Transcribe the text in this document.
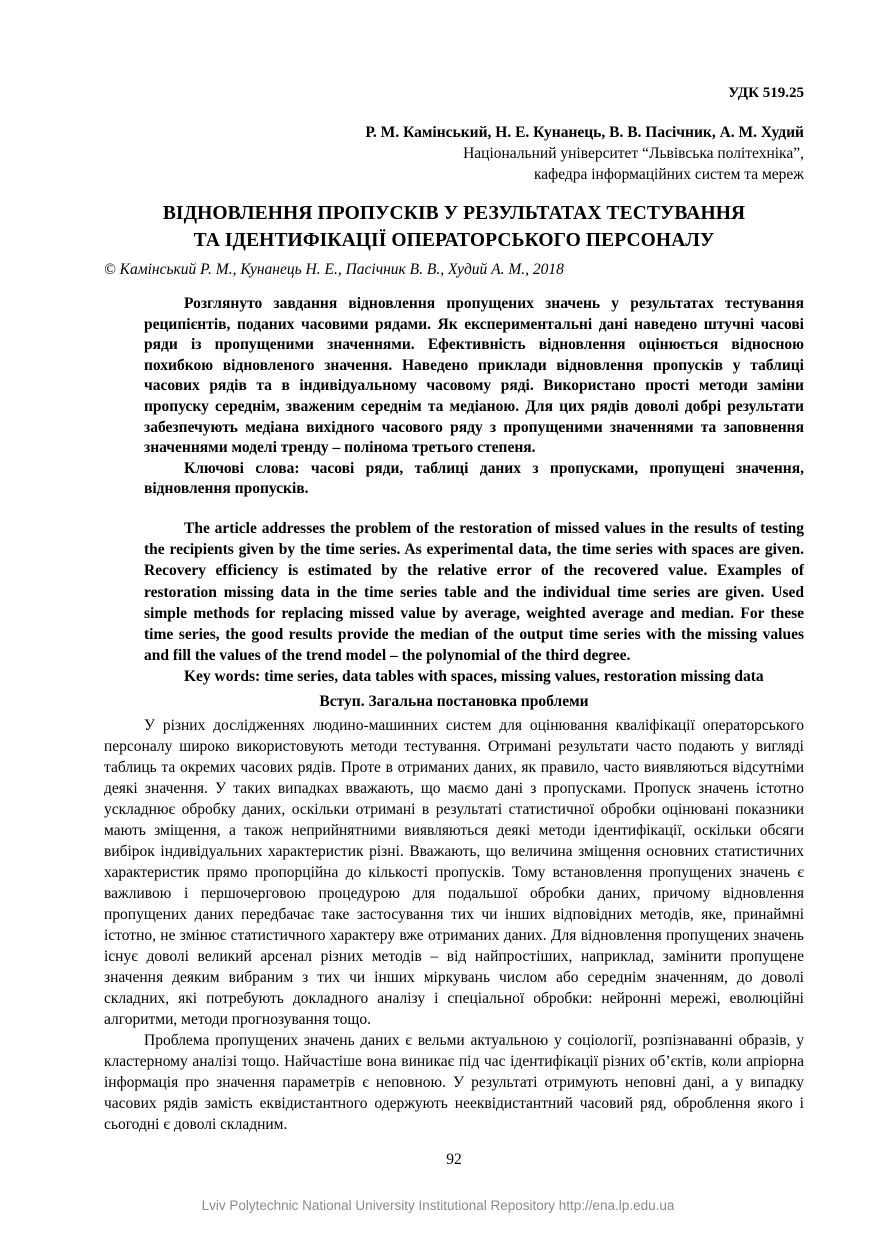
УДК 519.25
Р. М. Камінський, Н. Е. Кунанець, В. В. Пасічник, А. М. Худий
Національний університет “Львівська політехніка”,
кафедра інформаційних систем та мереж
ВІДНОВЛЕННЯ ПРОПУСКІВ У РЕЗУЛЬТАТАХ ТЕСТУВАННЯ
ТА ІДЕНТИФІКАЦІЇ ОПЕРАТОРСЬКОГО ПЕРСОНАЛУ
© Камінський Р. М., Кунанець Н. Е., Пасічник В. В., Худий А. М., 2018

Розглянуто завдання відновлення пропущених значень у результатах тестування реципієнтів, поданих часовими рядами. Як експериментальні дані наведено штучні часові ряди із пропущеними значеннями. Ефективність відновлення оцінюється відносною похибкою відновленого значення. Наведено приклади відновлення пропусків у таблиці часових рядів та в індивідуальному часовому ряді. Використано прості методи заміни пропуску середнім, зваженим середнім та медіаною. Для цих рядів доволі добрі результати забезпечують медіана вихідного часового ряду з пропущеними значеннями та заповнення значеннями моделі тренду – полінома третього степеня.

Ключові слова: часові ряди, таблиці даних з пропусками, пропущені значення, відновлення пропусків.

The article addresses the problem of the restoration of missed values in the results of testing the recipients given by the time series. As experimental data, the time series with spaces are given. Recovery efficiency is estimated by the relative error of the recovered value. Examples of restoration missing data in the time series table and the individual time series are given. Used simple methods for replacing missed value by average, weighted average and median. For these time series, the good results provide the median of the output time series with the missing values and fill the values of the trend model – the polynomial of the third degree.

Key words: time series, data tables with spaces, missing values, restoration missing data

Вступ. Загальна постановка проблеми

У різних дослідженнях людино-машинних систем для оцінювання кваліфікації операторського персоналу широко використовують методи тестування. Отримані результати часто подають у вигляді таблиць та окремих часових рядів. Проте в отриманих даних, як правило, часто виявляються відсутніми деякі значення. У таких випадках вважають, що маємо дані з пропусками. Пропуск значень істотно ускладнює обробку даних, оскільки отримані в результаті статистичної обробки оцінювані показники мають зміщення, а також неприйнятними виявляються деякі методи ідентифікації, оскільки обсяги вибірок індивідуальних характеристик різні. Вважають, що величина зміщення основних статистичних характеристик прямо пропорційна до кількості пропусків. Тому встановлення пропущених значень є важливою і першочерговою процедурою для подальшої обробки даних, причому відновлення пропущених даних передбачає таке застосування тих чи інших відповідних методів, яке, принаймні істотно, не змінює статистичного характеру вже отриманих даних. Для відновлення пропущених значень існує доволі великий арсенал різних методів – від найпростіших, наприклад, замінити пропущене значення деяким вибраним з тих чи інших міркувань числом або середнім значенням, до доволі складних, які потребують докладного аналізу і спеціальної обробки: нейронні мережі, еволюційні алгоритми, методи прогнозування тощо.

Проблема пропущених значень даних є вельми актуальною у соціології, розпізнаванні образів, у кластерному аналізі тощо. Найчастіше вона виникає під час ідентифікації різних об’єктів, коли апріорна інформація про значення параметрів є неповною. У результаті отримують неповні дані, а у випадку часових рядів замість еквідистантного одержують нееквідистантний часовий ряд, оброблення якого і сьогодні є доволі складним.

92
Lviv Polytechnic National University Institutional Repository http://ena.lp.edu.ua
